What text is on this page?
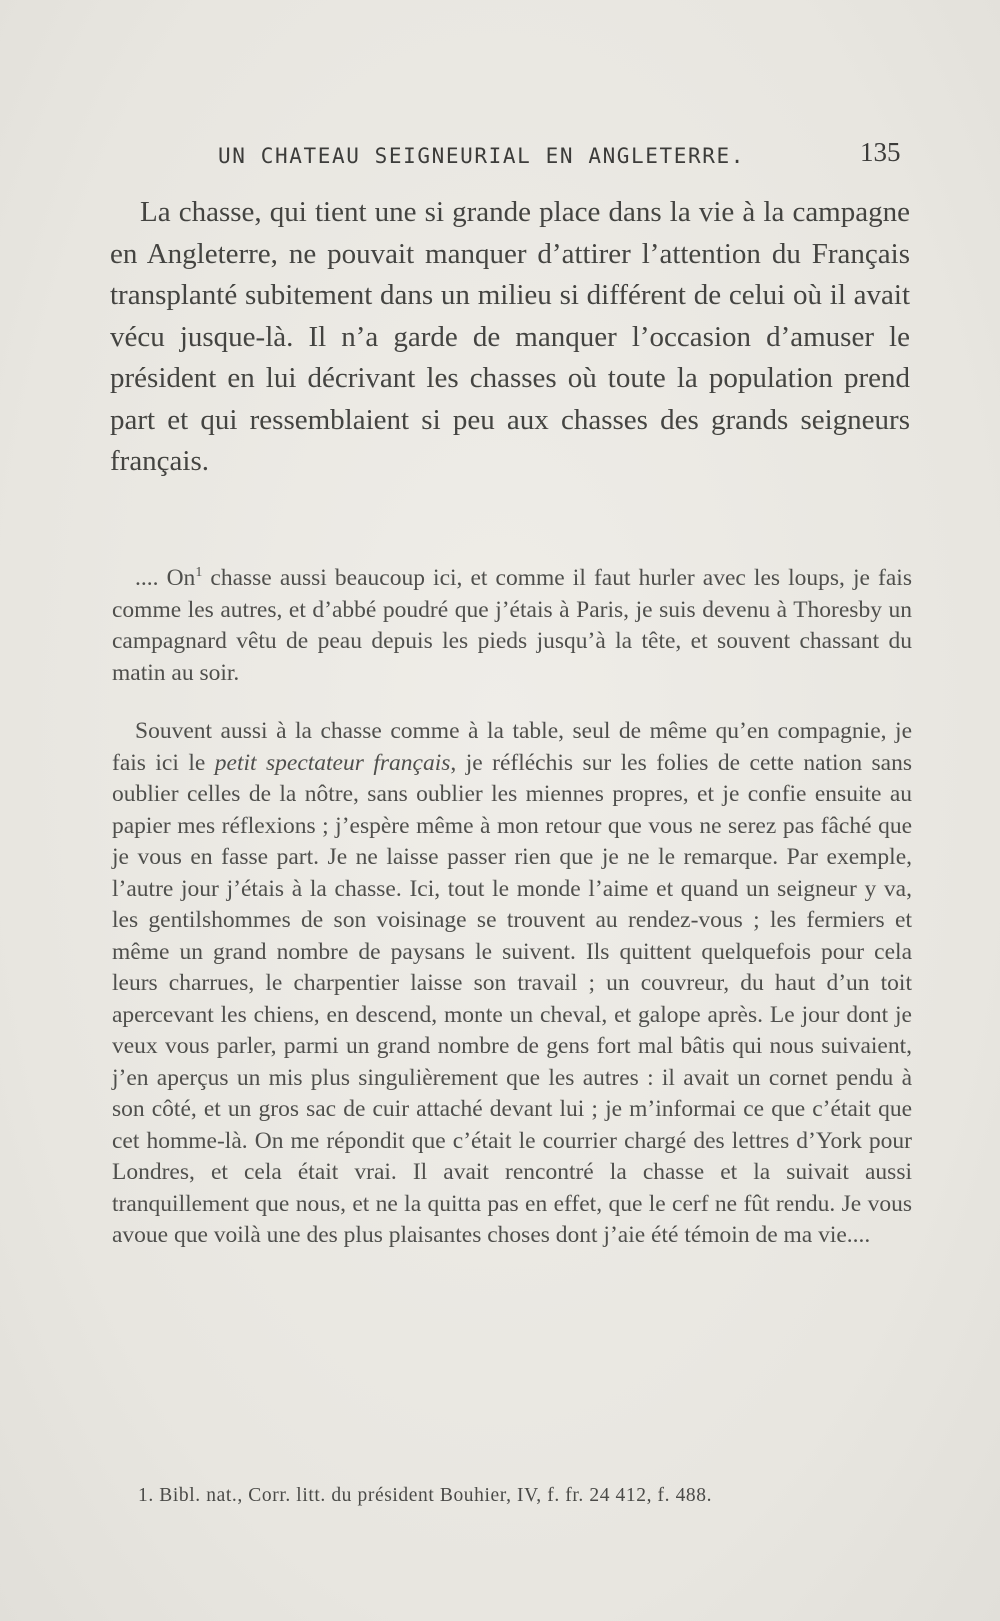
UN CHATEAU SEIGNEURIAL EN ANGLETERRE.	135

La chasse, qui tient une si grande place dans la vie à la campagne en Angleterre, ne pouvait manquer d’attirer l’attention du Français transplanté subitement dans un milieu si différent de celui où il avait vécu jusque-là. Il n’a garde de manquer l’occasion d’amuser le président en lui décrivant les chasses où toute la population prend part et qui ressemblaient si peu aux chasses des grands seigneurs français.

.... On$^1$ chasse aussi beaucoup ici, et comme il faut hurler avec les loups, je fais comme les autres, et d’abbé poudré que j’étais à Paris, je suis devenu à Thoresby un campagnard vêtu de peau depuis les pieds jusqu’à la tête, et souvent chassant du matin au soir.

Souvent aussi à la chasse comme à la table, seul de même qu’en compagnie, je fais ici le petit spectateur français, je réfléchis sur les folies de cette nation sans oublier celles de la nôtre, sans oublier les miennes propres, et je confie ensuite au papier mes réflexions ; j’espère même à mon retour que vous ne serez pas fâché que je vous en fasse part. Je ne laisse passer rien que je ne le remarque. Par exemple, l’autre jour j’étais à la chasse. Ici, tout le monde l’aime et quand un seigneur y va, les gentilshommes de son voisinage se trouvent au rendez-vous ; les fermiers et même un grand nombre de paysans le suivent. Ils quittent quelquefois pour cela leurs charrues, le charpentier laisse son travail ; un couvreur, du haut d’un toit apercevant les chiens, en descend, monte un cheval, et galope après. Le jour dont je veux vous parler, parmi un grand nombre de gens fort mal bâtis qui nous suivaient, j’en aperçus un mis plus singulièrement que les autres : il avait un cornet pendu à son côté, et un gros sac de cuir attaché devant lui ; je m’informai ce que c’était que cet homme-là. On me répondit que c’était le courrier chargé des lettres d’York pour Londres, et cela était vrai. Il avait rencontré la chasse et la suivait aussi tranquillement que nous, et ne la quitta pas en effet, que le cerf ne fût rendu. Je vous avoue que voilà une des plus plaisantes choses dont j’aie été témoin de ma vie....

1. Bibl. nat., Corr. litt. du président Bouhier, IV, f. fr. 24 412, f. 488.
